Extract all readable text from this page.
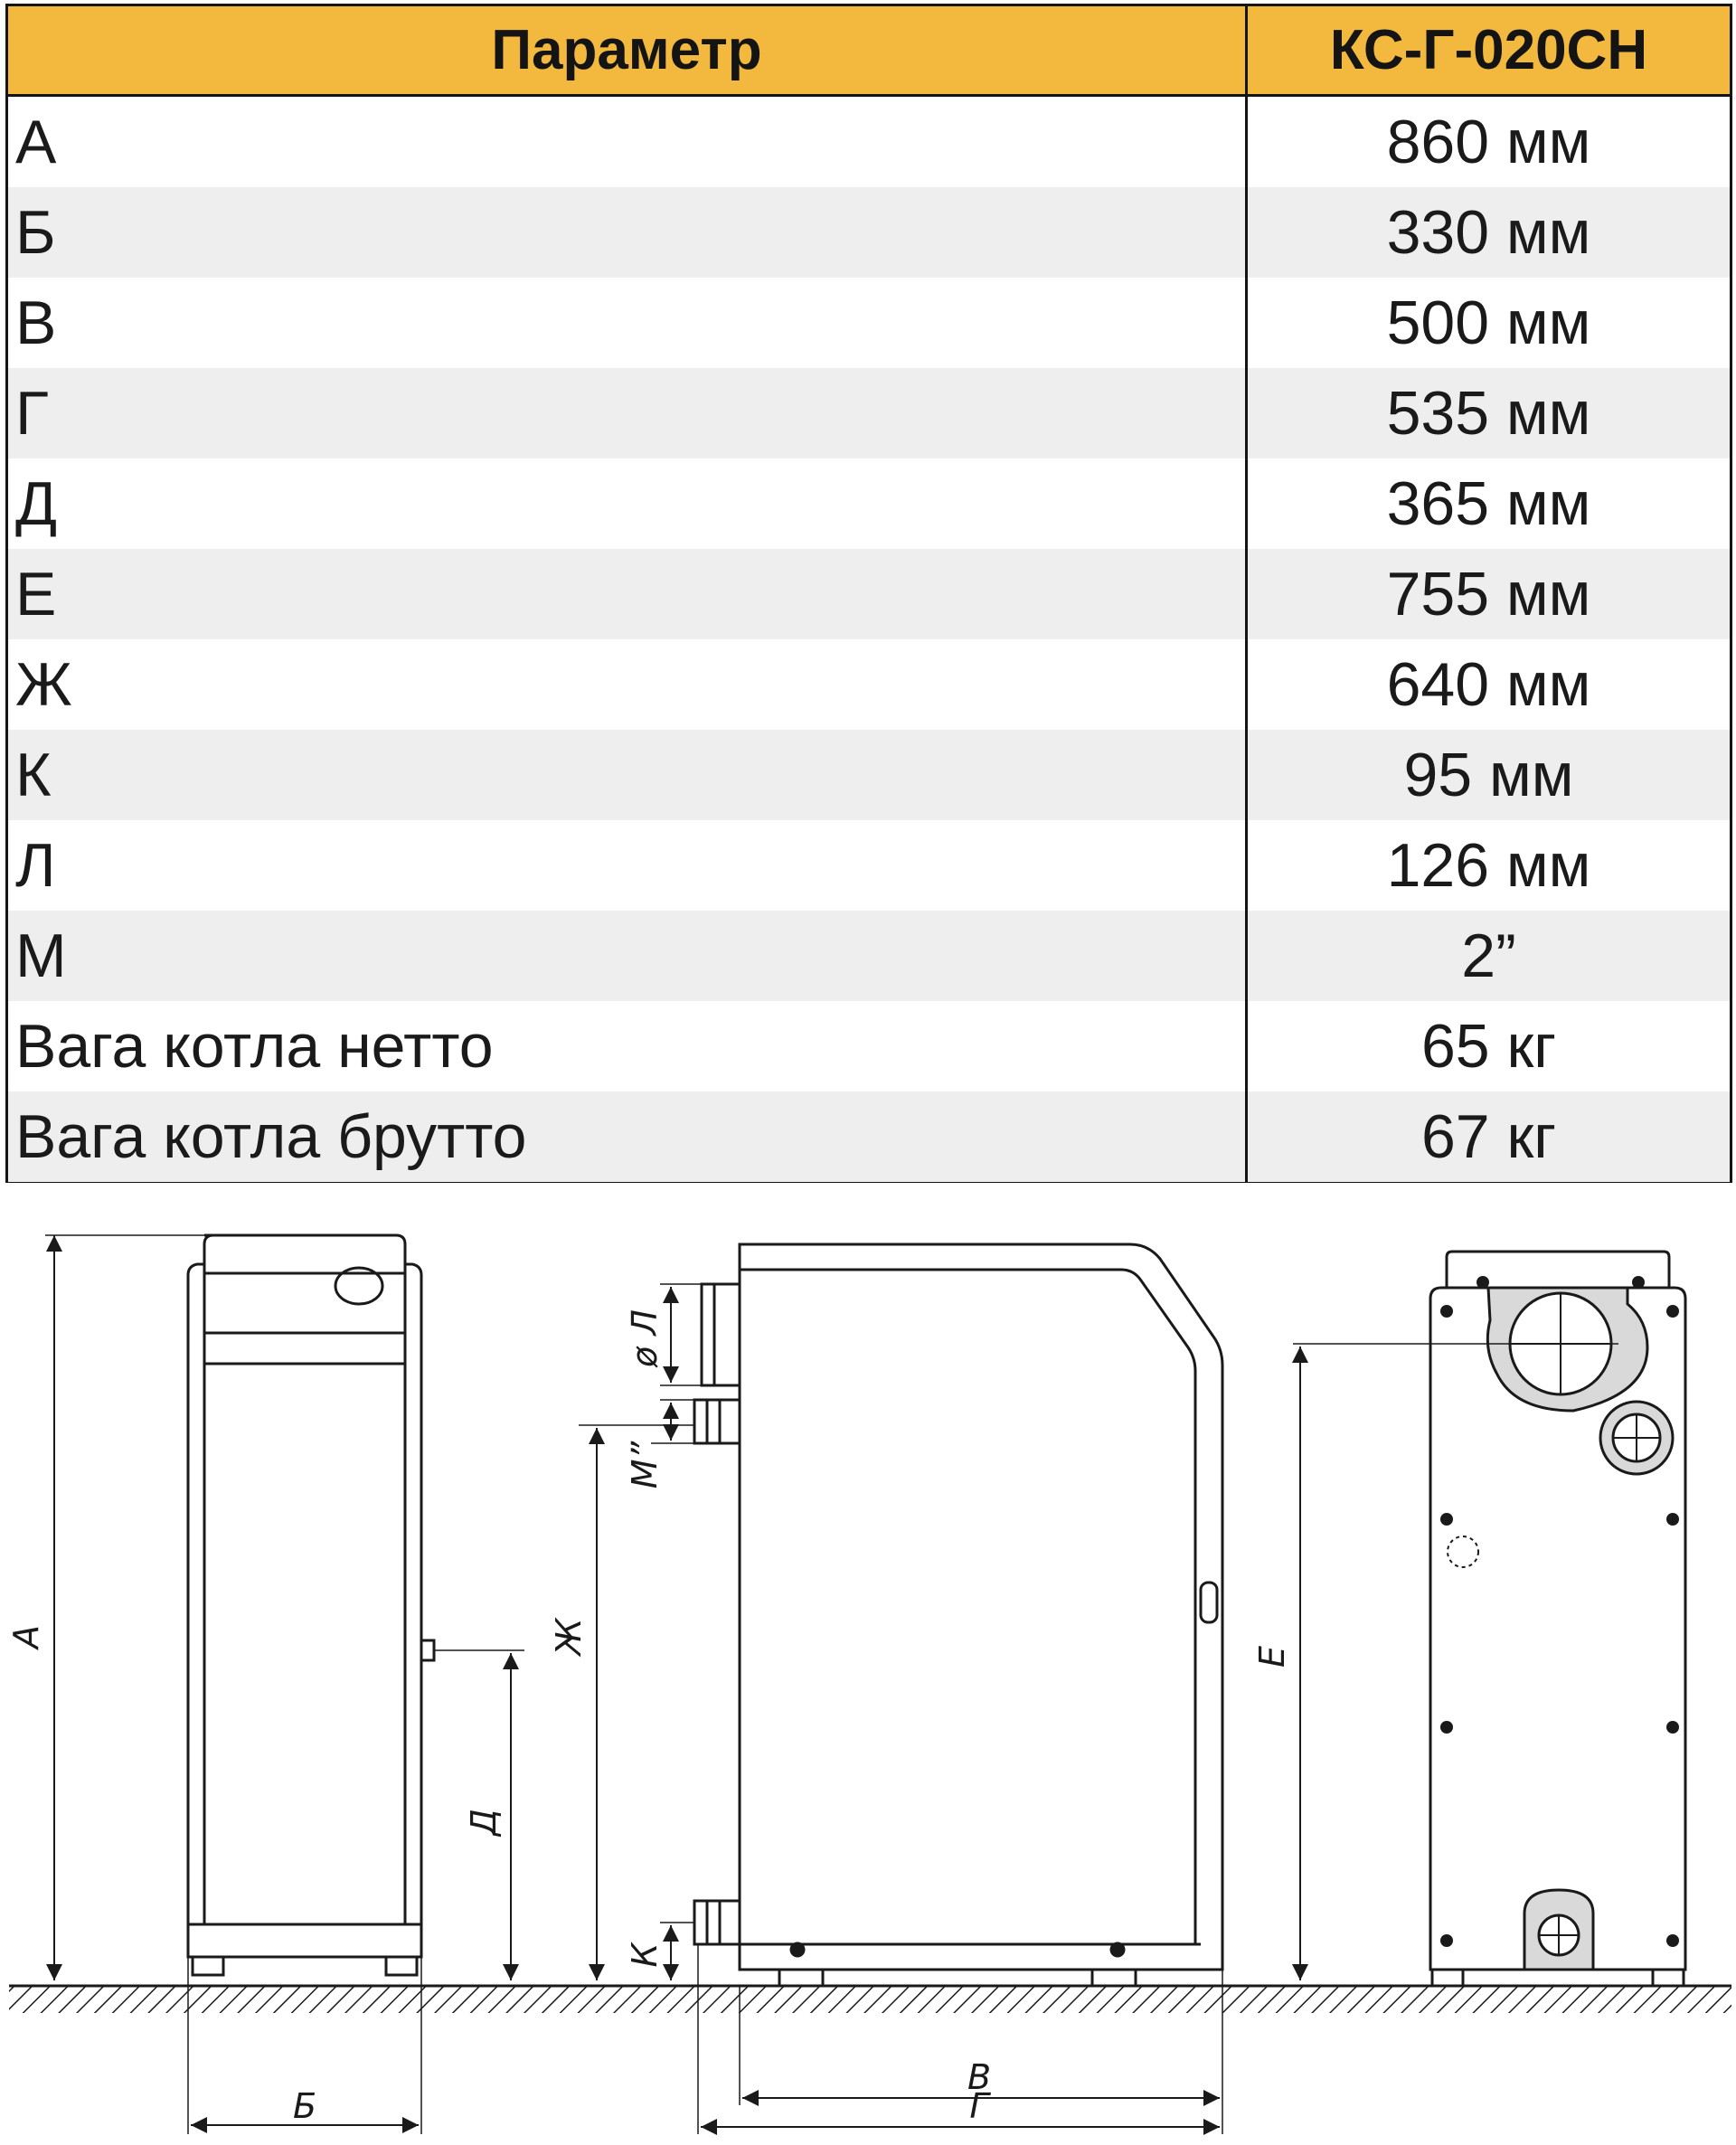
Параметр	КС-Г-020СН
А	860 мм
Б	330 мм
В	500 мм
Г	535 мм
Д	365 мм
Е	755 мм
Ж	640 мм
К	95 мм
Л	126 мм
М	2”
Вага котла нетто	65 кг
Вага котла брутто	67 кг
А
Д
Б
ø Л
М”
Ж
К
В
Г
Е
